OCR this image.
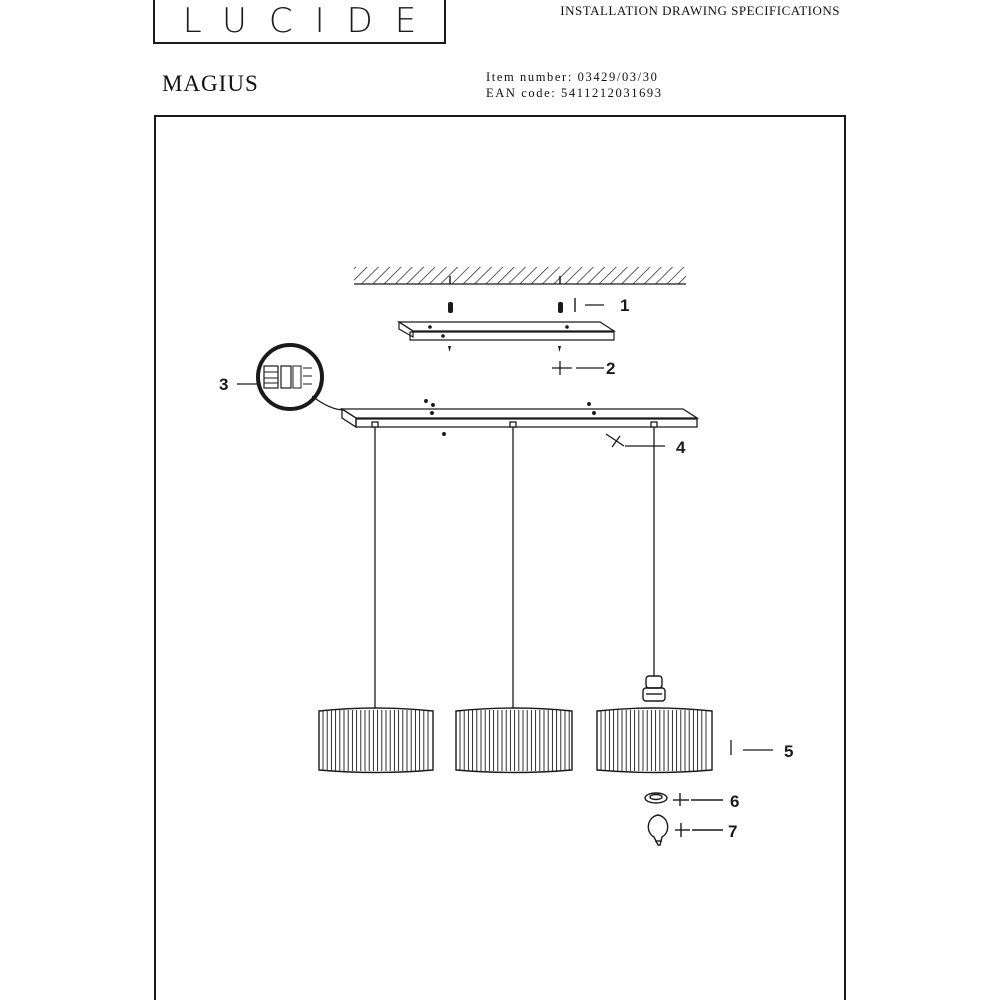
LUCIDE	INSTALLATION DRAWING SPECIFICATIONS
MAGIUS	Item number: 03429/03/30
EAN code: 5411212031693
1
2
3
4
5
6
7
